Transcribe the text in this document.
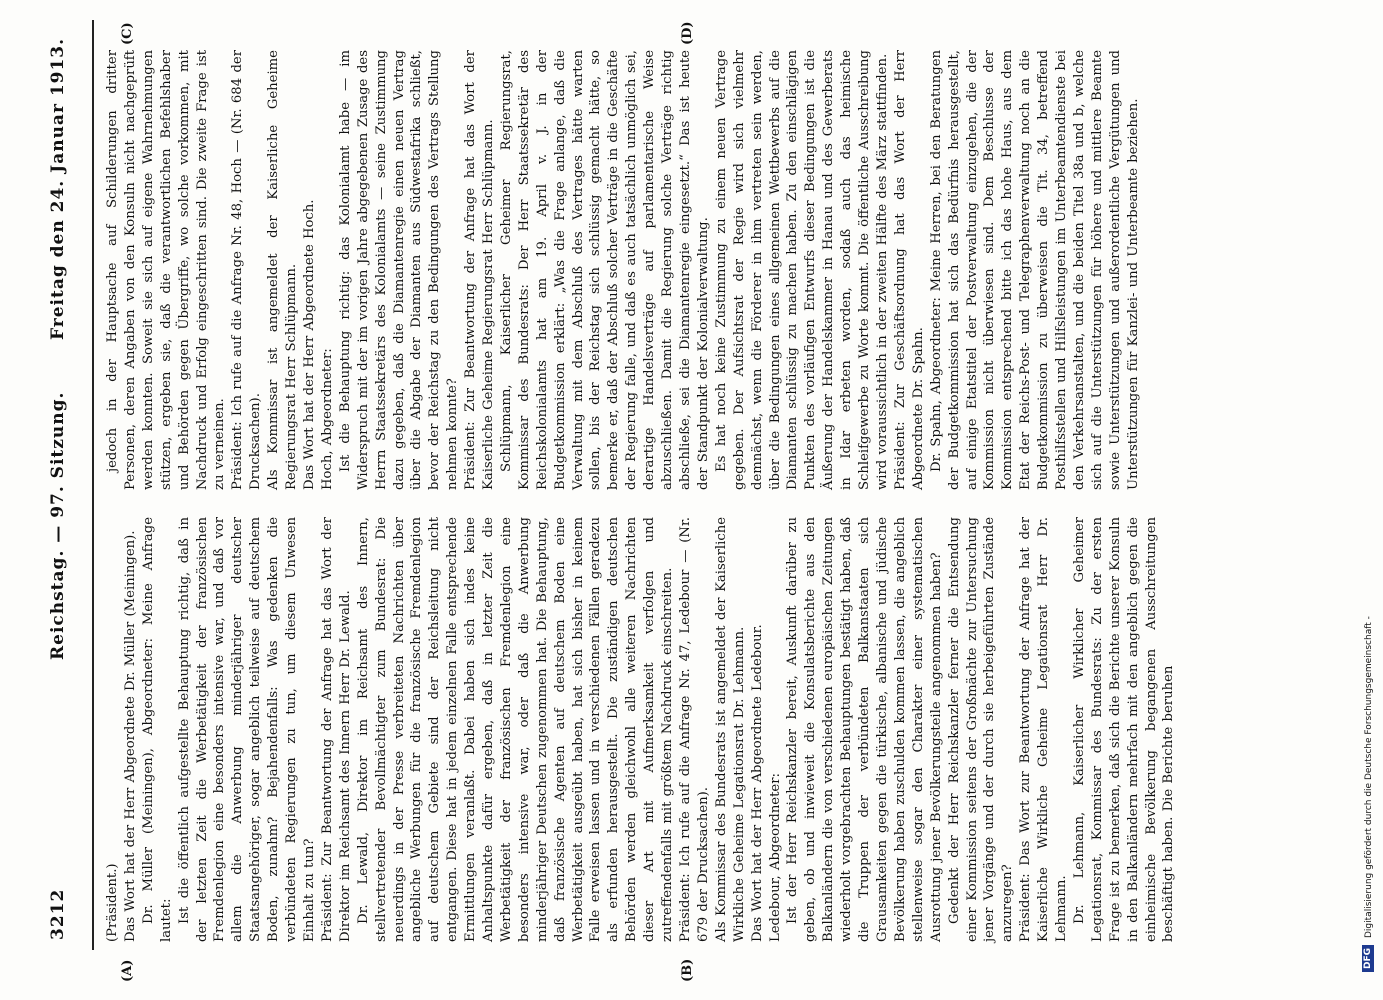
3212
Reichstag. — 97. Sitzung.
Freitag den 24. Januar 1913.
(A)	(B)
(C)	(D)

(Präsident.) Das Wort hat der Herr Abgeordnete Dr. Müller (Meiningen). Dr. Müller (Meiningen), Abgeordneter: Meine Anfrage lautet: Ist die öffentlich aufgestellte Behauptung richtig, daß in der letzten Zeit die Werbetätigkeit der französischen Fremdenlegion eine besonders intensive war, und daß vor allem die Anwerbung minderjähriger deutscher Staatsangehöriger, sogar angeblich teilweise auf deutschem Boden, zunahm? Bejahendenfalls: Was gedenken die verbündeten Regierungen zu tun, um diesem Unwesen Einhalt zu tun? Präsident: Zur Beantwortung der Anfrage hat das Wort der Direktor im Reichsamt des Innern Herr Dr. Lewald. Dr. Lewald, Direktor im Reichsamt des Innern, stellvertretender Bevollmächtigter zum Bundesrat: Die neuerdings in der Presse verbreiteten Nachrichten über angebliche Werbungen für die französische Fremdenlegion auf deutschem Gebiete sind der Reichsleitung nicht entgangen. Diese hat in jedem einzelnen Falle entsprechende Ermittlungen veranlaßt. Dabei haben sich indes keine Anhaltspunkte dafür ergeben, daß in letzter Zeit die Werbetätigkeit der französischen Fremdenlegion eine besonders intensive war, oder daß die Anwerbung minderjähriger Deutschen zugenommen hat. Die Behauptung, daß französische Agenten auf deutschem Boden eine Werbetätigkeit ausgeübt haben, hat sich bisher in keinem Falle erweisen lassen und in verschiedenen Fällen geradezu als erfunden herausgestellt. Die zuständigen deutschen Behörden werden gleichwohl alle weiteren Nachrichten dieser Art mit Aufmerksamkeit verfolgen und zutreffendenfalls mit größtem Nachdruck einschreiten. Präsident: Ich rufe auf die Anfrage Nr. 47, Ledebour — (Nr. 679 der Drucksachen). Als Kommissar des Bundesrats ist angemeldet der Kaiserliche Wirkliche Geheime Legationsrat Dr. Lehmann. Das Wort hat der Herr Abgeordnete Ledebour. Ledebour, Abgeordneter: Ist der Herr Reichskanzler bereit, Auskunft darüber zu geben, ob und inwieweit die Konsulatsberichte aus den Balkanländern die von verschiedenen europäischen Zeitungen wiederholt vorgebrachten Behauptungen bestätigt haben, daß die Truppen der verbündeten Balkanstaaten sich Grausamkeiten gegen die türkische, albanische und jüdische Bevölkerung haben zuschulden kommen lassen, die angeblich stellenweise sogar den Charakter einer systematischen Ausrottung jener Bevölkerungsteile angenommen haben? Gedenkt der Herr Reichskanzler ferner die Entsendung einer Kommission seitens der Großmächte zur Untersuchung jener Vorgänge und der durch sie herbeigeführten Zustände anzuregen? Präsident: Das Wort zur Beantwortung der Anfrage hat der Kaiserliche Wirkliche Geheime Legationsrat Herr Dr. Lehmann. Dr. Lehmann, Kaiserlicher Wirklicher Geheimer Legationsrat, Kommissar des Bundesrats: Zu der ersten Frage ist zu bemerken, daß sich die Berichte unserer Konsuln in den Balkanländern mehrfach mit den angeblich gegen die einheimische Bevölkerung begangenen Ausschreitungen beschäftigt haben. Die Berichte beruhen

jedoch in der Hauptsache auf Schilderungen dritter Personen, deren Angaben von den Konsuln nicht nachgeprüft werden konnten. Soweit sie sich auf eigene Wahrnehmungen stützen, ergeben sie, daß die verantwortlichen Befehlshaber und Behörden gegen Übergriffe, wo solche vorkommen, mit Nachdruck und Erfolg eingeschritten sind. Die zweite Frage ist zu verneinen. Präsident: Ich rufe auf die Anfrage Nr. 48, Hoch — (Nr. 684 der Drucksachen). Als Kommissar ist angemeldet der Kaiserliche Geheime Regierungsrat Herr Schlüpmann. Das Wort hat der Herr Abgeordnete Hoch. Hoch, Abgeordneter: Ist die Behauptung richtig: das Kolonialamt habe — im Widerspruch mit der im vorigen Jahre abgegebenen Zusage des Herrn Staatssekretärs des Kolonialamts — seine Zustimmung dazu gegeben, daß die Diamantenregie einen neuen Vertrag über die Abgabe der Diamanten aus Südwestafrika schließt, bevor der Reichstag zu den Bedingungen des Vertrags Stellung nehmen konnte? Präsident: Zur Beantwortung der Anfrage hat das Wort der Kaiserliche Geheime Regierungsrat Herr Schlüpmann. Schlüpmann, Kaiserlicher Geheimer Regierungsrat, Kommissar des Bundesrats: Der Herr Staatssekretär des Reichskolonialamts hat am 19. April v. J. in der Budgetkommission erklärt: „Was die Frage anlange, daß die Verwaltung mit dem Abschluß des Vertrages hätte warten sollen, bis der Reichstag sich schlüssig gemacht hätte, so bemerke er, daß der Abschluß solcher Verträge in die Geschäfte der Regierung falle, und daß es auch tatsächlich unmöglich sei, derartige Handelsverträge auf parlamentarische Weise abzuschließen. Damit die Regierung solche Verträge richtig abschließe, sei die Diamantenregie eingesetzt.“ Das ist heute der Standpunkt der Kolonialverwaltung. Es hat noch keine Zustimmung zu einem neuen Vertrage gegeben. Der Aufsichtsrat der Regie wird sich vielmehr demnächst, wenn die Förderer in ihm vertreten sein werden, über die Bedingungen eines allgemeinen Wettbewerbs auf die Diamanten schlüssig zu machen haben. Zu den einschlägigen Punkten des vorläufigen Entwurfs dieser Bedingungen ist die Äußerung der Handelskammer in Hanau und des Gewerberats in Idar erbeten worden, sodaß auch das heimische Schleifgewerbe zu Worte kommt. Die öffentliche Ausschreibung wird voraussichtlich in der zweiten Hälfte des März stattfinden. Präsident: Zur Geschäftsordnung hat das Wort der Herr Abgeordnete Dr. Spahn. Dr. Spahn, Abgeordneter: Meine Herren, bei den Beratungen der Budgetkommission hat sich das Bedürfnis herausgestellt, auf einige Etatstitel der Postverwaltung einzugehen, die der Kommission nicht überwiesen sind. Dem Beschlusse der Kommission entsprechend bitte ich das hohe Haus, aus dem Etat der Reichs-Post- und Telegraphenverwaltung noch an die Budgetkommission zu überweisen die Tit. 34, betreffend Posthilfsstellen und Hilfsleistungen im Unterbeamtendienste bei den Verkehrsanstalten, und die beiden Titel 38a und b, welche sich auf die Unterstützungen für höhere und mittlere Beamte sowie Unterstützungen und außerordentliche Vergütungen und Unterstützungen für Kanzlei- und Unterbeamte beziehen.

DFG
Digitalisierung gefördert durch die Deutsche Forschungsgemeinschaft -
